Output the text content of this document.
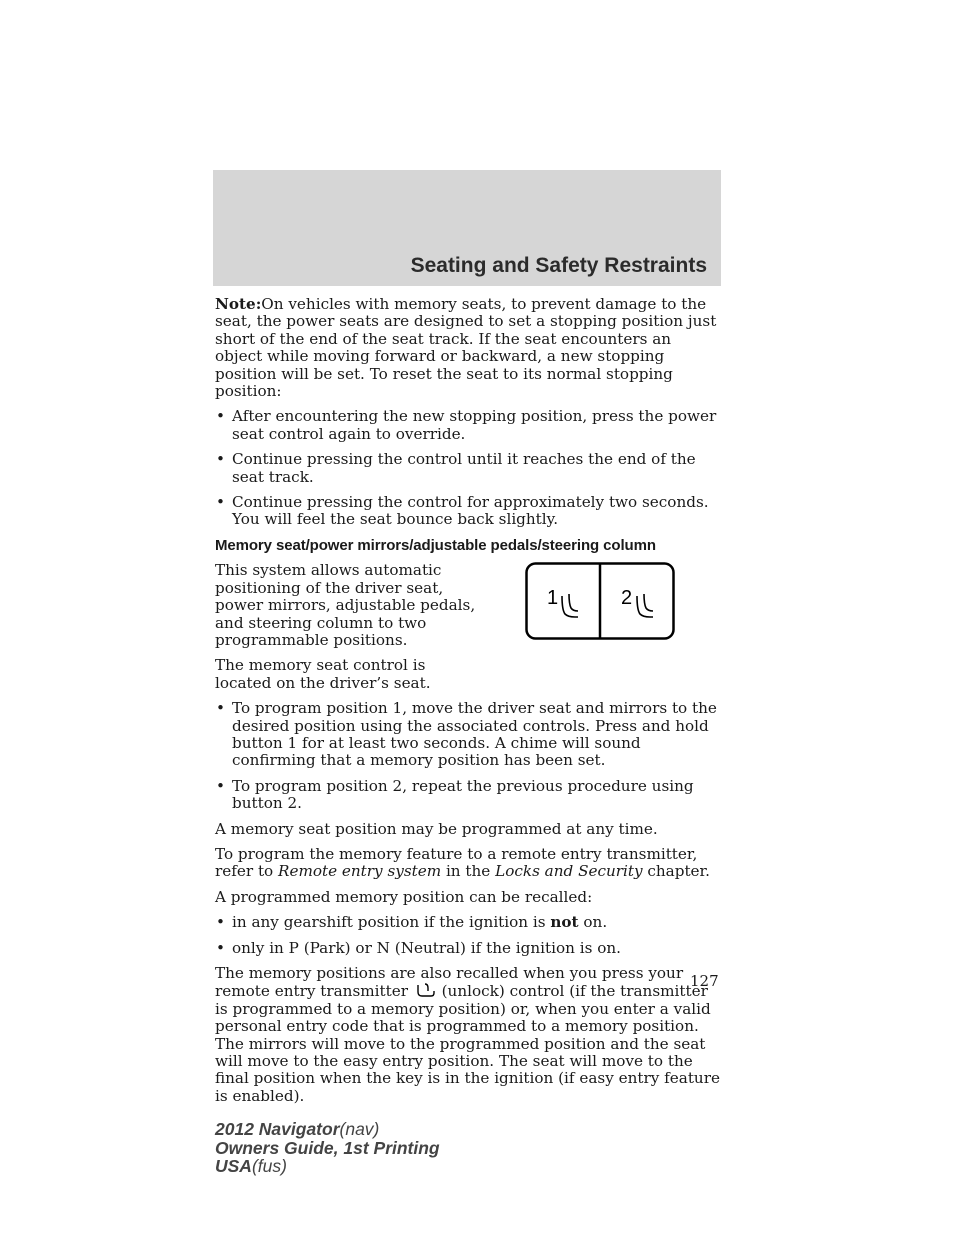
Seating and Safety Restraints

Note:On vehicles with memory seats, to prevent damage to the seat, the power seats are designed to set a stopping position just short of the end of the seat track. If the seat encounters an object while moving forward or backward, a new stopping position will be set. To reset the seat to its normal stopping position:

• After encountering the new stopping position, press the power seat control again to override.
• Continue pressing the control until it reaches the end of the seat track.
• Continue pressing the control for approximately two seconds. You will feel the seat bounce back slightly.
Memory seat/power mirrors/adjustable pedals/steering column

This system allows automatic positioning of the driver seat, power mirrors, adjustable pedals, and steering column to two programmable positions.

The memory seat control is located on the driver’s seat.

1	2
• To program position 1, move the driver seat and mirrors to the desired position using the associated controls. Press and hold button 1 for at least two seconds. A chime will sound confirming that a memory position has been set.
• To program position 2, repeat the previous procedure using button 2.

A memory seat position may be programmed at any time.

To program the memory feature to a remote entry transmitter, refer to Remote entry system in the Locks and Security chapter.

A programmed memory position can be recalled:

• in any gearshift position if the ignition is not on.
• only in P (Park) or N (Neutral) if the ignition is on.

The memory positions are also recalled when you press your remote entry transmitter (unlock) control (if the transmitter is programmed to a memory position) or, when you enter a valid personal entry code that is programmed to a memory position. The mirrors will move to the programmed position and the seat will move to the easy entry position. The seat will move to the final position when the key is in the ignition (if easy entry feature is enabled).

127
2012 Navigator(nav)
Owners Guide, 1st Printing
USA(fus)
